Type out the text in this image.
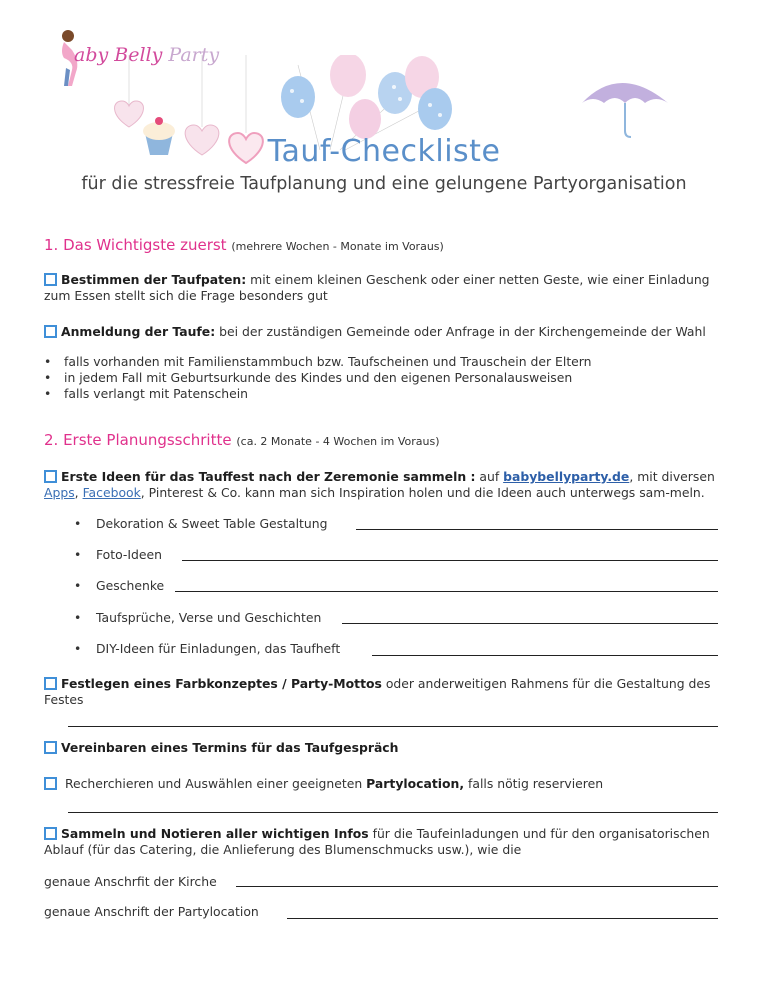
aby Belly Party
Tauf-Checkliste
für die stressfreie Taufplanung und eine gelungene Partyorganisation
1. Das Wichtigste zuerst (mehrere Wochen - Monate im Voraus)
Bestimmen der Taufpaten: mit einem kleinen Geschenk oder einer netten Geste, wie einer Einladung zum Essen stellt sich die Frage besonders gut
Anmeldung der Taufe: bei der zuständigen Gemeinde oder Anfrage in der Kirchengemeinde der Wahl
• falls vorhanden mit Familienstammbuch bzw. Taufscheinen und Trauschein der Eltern
• in jedem Fall mit Geburtsurkunde des Kindes und den eigenen Personalausweisen
• falls verlangt mit Patenschein
2. Erste Planungsschritte (ca. 2 Monate - 4 Wochen im Voraus)
Erste Ideen für das Tauffest nach der Zeremonie sammeln : auf babybellyparty.de, mit diversen Apps, Facebook, Pinterest & Co. kann man sich Inspiration holen und die Ideen auch unterwegs sam-meln.
•	Dekoration & Sweet Table Gestaltung
•	Foto-Ideen
•	Geschenke
•	Taufsprüche, Verse und Geschichten
•	DIY-Ideen für Einladungen, das Taufheft
Festlegen eines Farbkonzeptes / Party-Mottos oder anderweitigen Rahmens für die Gestaltung des Festes
Vereinbaren eines Termins für das Taufgespräch
Recherchieren und Auswählen einer geeigneten Partylocation, falls nötig reservieren
Sammeln und Notieren aller wichtigen Infos für die Taufeinladungen und für den organisatorischen Ablauf (für das Catering, die Anlieferung des Blumenschmucks usw.), wie die
genaue Anschrfit der Kirche
genaue Anschrift der Partylocation
